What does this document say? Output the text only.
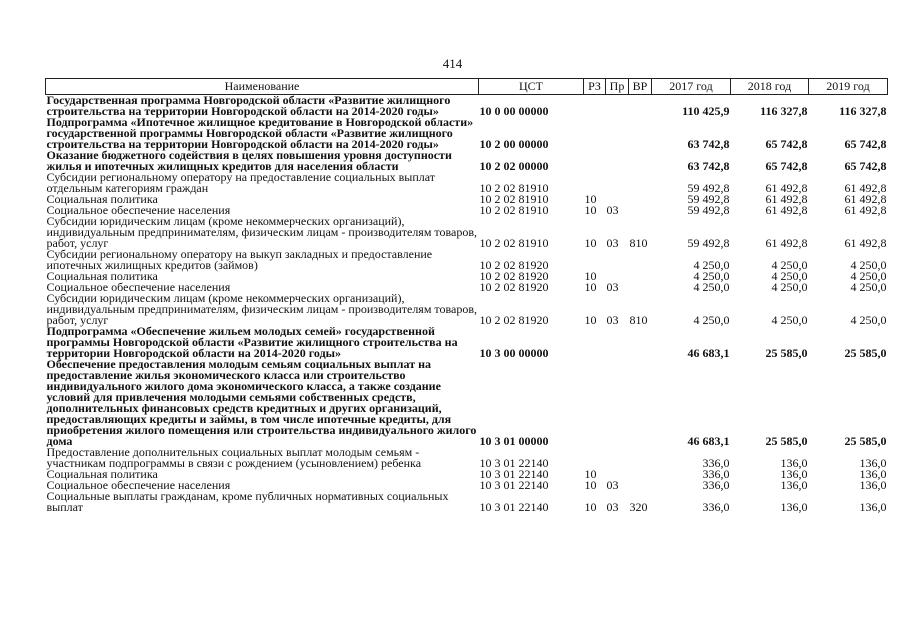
414
Наименование	ЦСТ	РЗ	Пр	ВР	2017 год	2018 год	2019 год
Государственная программа Новгородской области «Развитие жилищного строительства на территории Новгородской области на 2014-2020 годы»	10 0 00 00000				110 425,9	116 327,8	116 327,8
Подпрограмма «Ипотечное жилищное кредитование в Новгородской области» государственной программы Новгородской области «Развитие жилищного строительства на территории Новгородской области на 2014-2020 годы»	10 2 00 00000				63 742,8	65 742,8	65 742,8
Оказание бюджетного содействия в целях повышения уровня доступности жилья и ипотечных жилищных кредитов для населения области	10 2 02 00000				63 742,8	65 742,8	65 742,8
Субсидии региональному оператору на предоставление социальных выплат отдельным категориям граждан	10 2 02 81910				59 492,8	61 492,8	61 492,8
Социальная политика	10 2 02 81910	10			59 492,8	61 492,8	61 492,8
Социальное обеспечение населения	10 2 02 81910	10	03		59 492,8	61 492,8	61 492,8
Субсидии юридическим лицам (кроме некоммерческих организаций), индивидуальным предпринимателям, физическим лицам - производителям товаров, работ, услуг	10 2 02 81910	10	03	810	59 492,8	61 492,8	61 492,8
Субсидии региональному оператору на выкуп закладных и предоставление ипотечных жилищных кредитов (займов)	10 2 02 81920				4 250,0	4 250,0	4 250,0
Социальная политика	10 2 02 81920	10			4 250,0	4 250,0	4 250,0
Социальное обеспечение населения	10 2 02 81920	10	03		4 250,0	4 250,0	4 250,0
Субсидии юридическим лицам (кроме некоммерческих организаций), индивидуальным предпринимателям, физическим лицам - производителям товаров, работ, услуг	10 2 02 81920	10	03	810	4 250,0	4 250,0	4 250,0
Подпрограмма «Обеспечение жильем молодых семей» государственной программы Новгородской области «Развитие жилищного строительства на территории Новгородской области на 2014-2020 годы»	10 3 00 00000				46 683,1	25 585,0	25 585,0
Обеспечение предоставления молодым семьям социальных выплат на предоставление жилья экономического класса или строительство индивидуального жилого дома экономического класса, а также создание условий для привлечения молодыми семьями собственных средств, дополнительных финансовых средств кредитных и других организаций, предоставляющих кредиты и займы, в том числе ипотечные кредиты, для приобретения жилого помещения или строительства индивидуального жилого дома	10 3 01 00000				46 683,1	25 585,0	25 585,0
Предоставление дополнительных социальных выплат молодым семьям - участникам подпрограммы в связи с рождением (усыновлением) ребенка	10 3 01 22140				336,0	136,0	136,0
Социальная политика	10 3 01 22140	10			336,0	136,0	136,0
Социальное обеспечение населения	10 3 01 22140	10	03		336,0	136,0	136,0
Социальные выплаты гражданам, кроме публичных нормативных социальных выплат	10 3 01 22140	10	03	320	336,0	136,0	136,0
